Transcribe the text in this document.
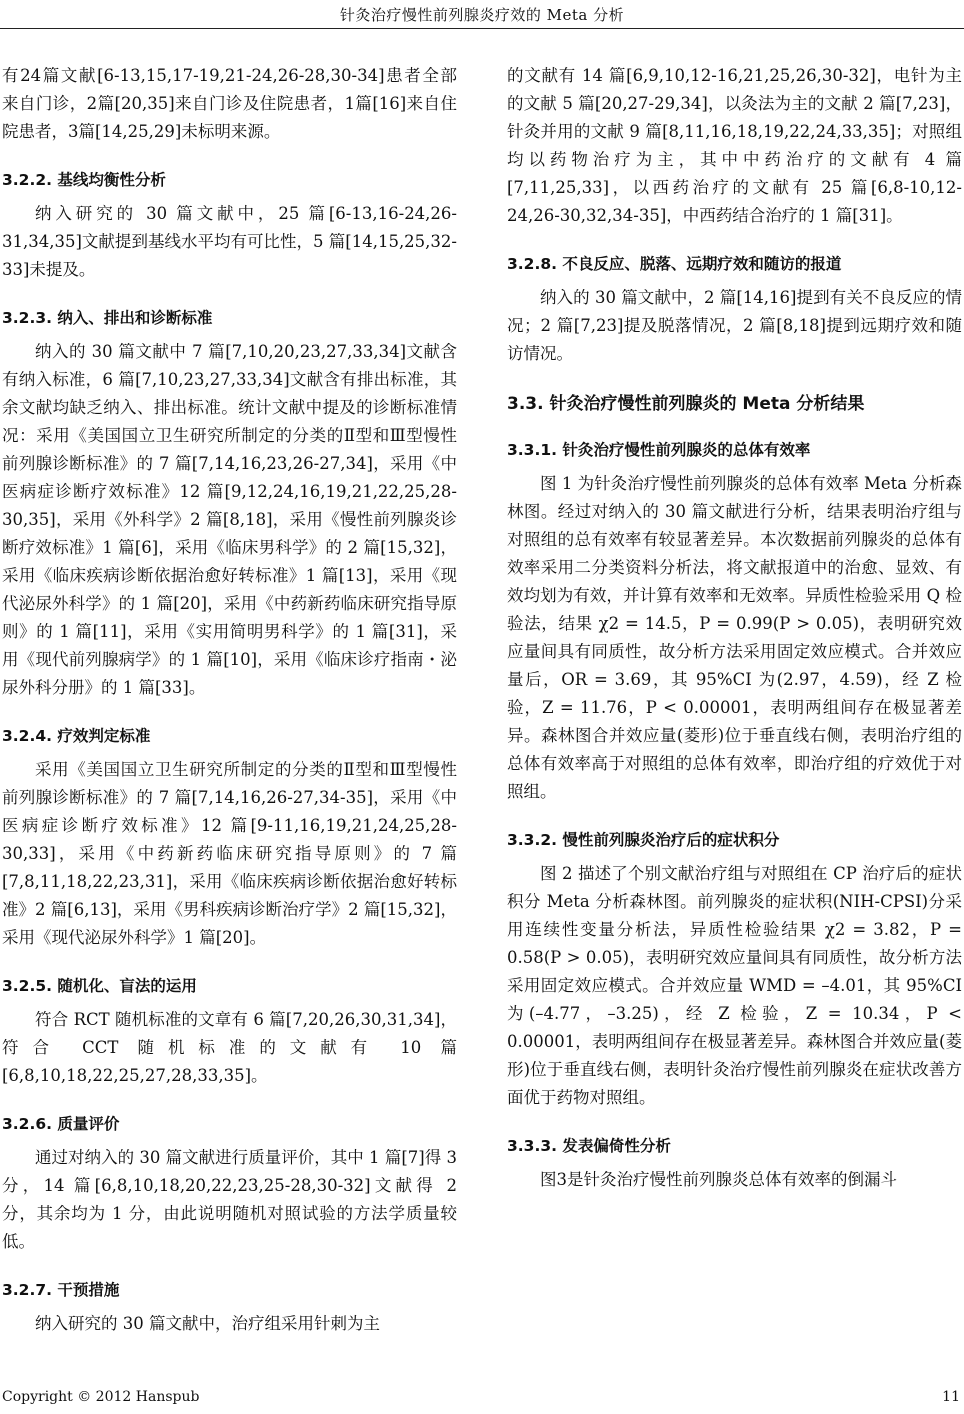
针灸治疗慢性前列腺炎疗效的 Meta 分析

有24篇文献[6-13,15,17-19,21-24,26-28,30-34]患者全部来自门诊，2篇[20,35]来自门诊及住院患者，1篇[16]来自住院患者，3篇[14,25,29]未标明来源。

3.2.2. 基线均衡性分析

纳入研究的 30 篇文献中，25 篇[6-13,16-24,26-31,34,35]文献提到基线水平均有可比性，5 篇[14,15,25,32-33]未提及。

3.2.3. 纳入、排出和诊断标准

纳入的 30 篇文献中 7 篇[7,10,20,23,27,33,34]文献含有纳入标准，6 篇[7,10,23,27,33,34]文献含有排出标准，其余文献均缺乏纳入、排出标准。统计文献中提及的诊断标准情况：采用《美国国立卫生研究所制定的分类的Ⅱ型和Ⅲ型慢性前列腺诊断标准》的 7 篇[7,14,16,23,26-27,34]，采用《中医病症诊断疗效标准》12 篇[9,12,24,16,19,21,22,25,28-30,35]，采用《外科学》2 篇[8,18]，采用《慢性前列腺炎诊断疗效标准》1 篇[6]，采用《临床男科学》的 2 篇[15,32]，采用《临床疾病诊断依据治愈好转标准》1 篇[13]，采用《现代泌尿外科学》的 1 篇[20]，采用《中药新药临床研究指导原则》的 1 篇[11]，采用《实用简明男科学》的 1 篇[31]，采用《现代前列腺病学》的 1 篇[10]，采用《临床诊疗指南・泌尿外科分册》的 1 篇[33]。

3.2.4. 疗效判定标准

采用《美国国立卫生研究所制定的分类的Ⅱ型和Ⅲ型慢性前列腺诊断标准》的 7 篇[7,14,16,26-27,34-35]，采用《中医病症诊断疗效标准》12 篇[9-11,16,19,21,24,25,28-30,33]，采用《中药新药临床研究指导原则》的 7 篇[7,8,11,18,22,23,31]，采用《临床疾病诊断依据治愈好转标准》2 篇[6,13]，采用《男科疾病诊断治疗学》2 篇[15,32]，采用《现代泌尿外科学》1 篇[20]。

3.2.5. 随机化、盲法的运用

符合 RCT 随机标准的文章有 6 篇[7,20,26,30,31,34]，符合 CCT 随机标准的文献有 10 篇[6,8,10,18,22,25,27,28,33,35]。

3.2.6. 质量评价

通过对纳入的 30 篇文献进行质量评价，其中 1 篇[7]得 3 分，14 篇[6,8,10,18,20,22,23,25-28,30-32]文献得 2 分，其余均为 1 分，由此说明随机对照试验的方法学质量较低。

3.2.7. 干预措施

纳入研究的 30 篇文献中，治疗组采用针刺为主

的文献有 14 篇[6,9,10,12-16,21,25,26,30-32]，电针为主的文献 5 篇[20,27-29,34]，以灸法为主的文献 2 篇[7,23]，针灸并用的文献 9 篇[8,11,16,18,19,22,24,33,35]；对照组均以药物治疗为主，其中中药治疗的文献有 4 篇[7,11,25,33]，以西药治疗的文献有 25 篇[6,8-10,12-24,26-30,32,34-35]，中西药结合治疗的 1 篇[31]。

3.2.8. 不良反应、脱落、远期疗效和随访的报道

纳入的 30 篇文献中，2 篇[14,16]提到有关不良反应的情况；2 篇[7,23]提及脱落情况，2 篇[8,18]提到远期疗效和随访情况。

3.3. 针灸治疗慢性前列腺炎的 Meta 分析结果
3.3.1. 针灸治疗慢性前列腺炎的总体有效率

图 1 为针灸治疗慢性前列腺炎的总体有效率 Meta 分析森林图。经过对纳入的 30 篇文献进行分析，结果表明治疗组与对照组的总有效率有较显著差异。本次数据前列腺炎的总体有效率采用二分类资料分析法，将文献报道中的治愈、显效、有效均划为有效，并计算有效率和无效率。异质性检验采用 Q 检验法，结果 χ2 = 14.5，P = 0.99(P > 0.05)，表明研究效应量间具有同质性，故分析方法采用固定效应模式。合并效应量后，OR = 3.69，其 95%CI 为(2.97，4.59)，经 Z 检验，Z = 11.76，P < 0.00001，表明两组间存在极显著差异。森林图合并效应量(菱形)位于垂直线右侧，表明治疗组的总体有效率高于对照组的总体有效率，即治疗组的疗效优于对照组。

3.3.2. 慢性前列腺炎治疗后的症状积分

图 2 描述了个别文献治疗组与对照组在 CP 治疗后的症状积分 Meta 分析森林图。前列腺炎的症状积(NIH-CPSI)分采用连续性变量分析法，异质性检验结果 χ2 = 3.82，P = 0.58(P > 0.05)，表明研究效应量间具有同质性，故分析方法采用固定效应模式。合并效应量 WMD = –4.01，其 95%CI 为(–4.77，–3.25)，经 Z 检验，Z = 10.34，P < 0.00001，表明两组间存在极显著差异。森林图合并效应量(菱形)位于垂直线右侧，表明针灸治疗慢性前列腺炎在症状改善方面优于药物对照组。

3.3.3. 发表偏倚性分析

图3是针灸治疗慢性前列腺炎总体有效率的倒漏斗

Copyright © 2012 Hanspub	11
